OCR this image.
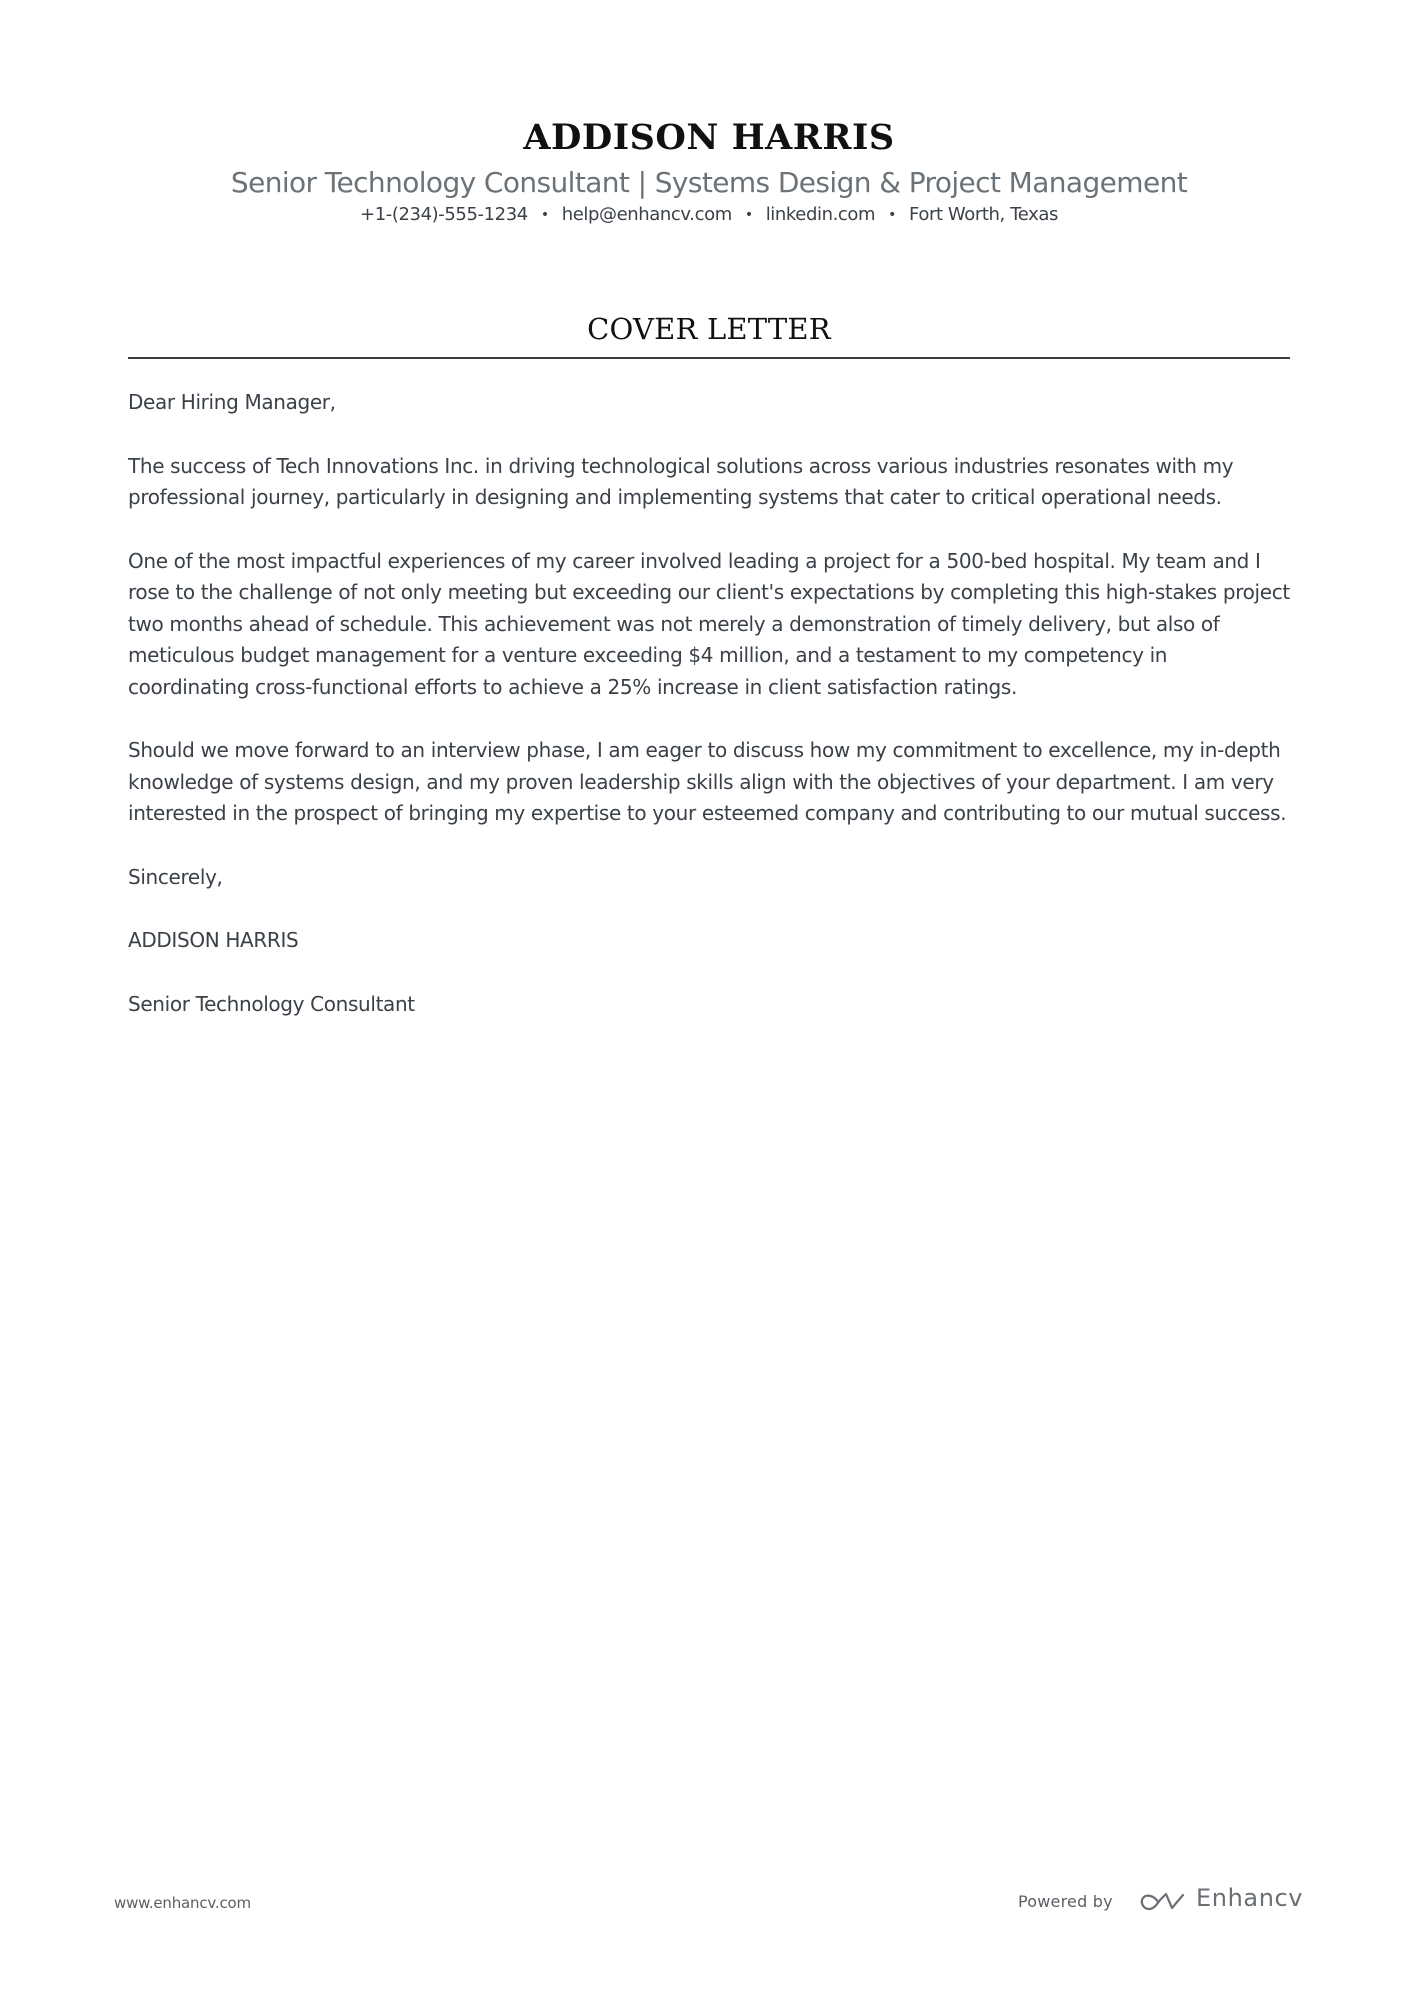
ADDISON HARRIS
Senior Technology Consultant | Systems Design & Project Management
+1-(234)-555-1234 • help@enhancv.com • linkedin.com • Fort Worth, Texas
COVER LETTER

Dear Hiring Manager,

The success of Tech Innovations Inc. in driving technological solutions across various industries resonates with my professional journey, particularly in designing and implementing systems that cater to critical operational needs.

One of the most impactful experiences of my career involved leading a project for a 500-bed hospital. My team and I rose to the challenge of not only meeting but exceeding our client's expectations by completing this high-stakes project two months ahead of schedule. This achievement was not merely a demonstration of timely delivery, but also of meticulous budget management for a venture exceeding $4 million, and a testament to my competency in coordinating cross-functional efforts to achieve a 25% increase in client satisfaction ratings.

Should we move forward to an interview phase, I am eager to discuss how my commitment to excellence, my in-depth knowledge of systems design, and my proven leadership skills align with the objectives of your department. I am very interested in the prospect of bringing my expertise to your esteemed company and contributing to our mutual success.

Sincerely,

ADDISON HARRIS

Senior Technology Consultant

www.enhancv.com	Powered by	Enhancv
